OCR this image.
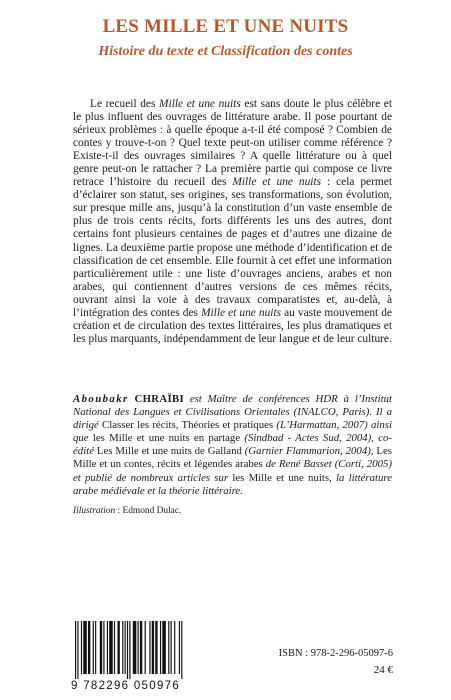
LES MILLE ET UNE NUITS
Histoire du texte et Classification des contes

Le recueil des Mille et une nuits est sans doute le plus célèbre et le plus influent des ouvrages de littérature arabe. Il pose pourtant de sérieux problèmes : à quelle époque a-t-il été composé ? Combien de contes y trouve-t-on ? Quel texte peut-on utiliser comme référence ? Existe-t-il des ouvrages similaires ? A quelle littérature ou à quel genre peut-on le rattacher ? La première partie qui compose ce livre retrace l’histoire du recueil des Mille et une nuits : cela permet d’éclairer son statut, ses origines, ses transformations, son évolution, sur presque mille ans, jusqu’à la constitution d’un vaste ensemble de plus de trois cents récits, forts différents les uns des autres, dont certains font plusieurs centaines de pages et d’autres une dizaine de lignes. La deuxième partie propose une méthode d’identification et de classification de cet ensemble. Elle fournit à cet effet une information particulièrement utile : une liste d’ouvrages anciens, arabes et non arabes, qui contiennent d’autres versions de ces mêmes récits, ouvrant ainsi la voie à des travaux comparatistes et, au-delà, à l’intégration des contes des Mille et une nuits au vaste mouvement de création et de circulation des textes littéraires, les plus dramatiques et les plus marquants, indépendamment de leur langue et de leur culture.

Aboubakr CHRAÏBI est Maître de conférences HDR à l’Institut National des Langues et Civilisations Orientales (INALCO, Paris). Il a dirigé Classer les récits, Théories et pratiques (L’Harmattan, 2007) ainsi que les Mille et une nuits en partage (Sindbad - Actes Sud, 2004), co-édité Les Mille et une nuits de Galland (Garnier Flammarion, 2004), Les Mille et un contes, récits et légendes arabes de René Basset (Corti, 2005) et publié de nombreux articles sur les Mille et une nuits, la littérature arabe médiévale et la théorie littéraire.

Illustration : Edmond Dulac.
9 782296 050976
ISBN : 978-2-296-05097-6
24 €
